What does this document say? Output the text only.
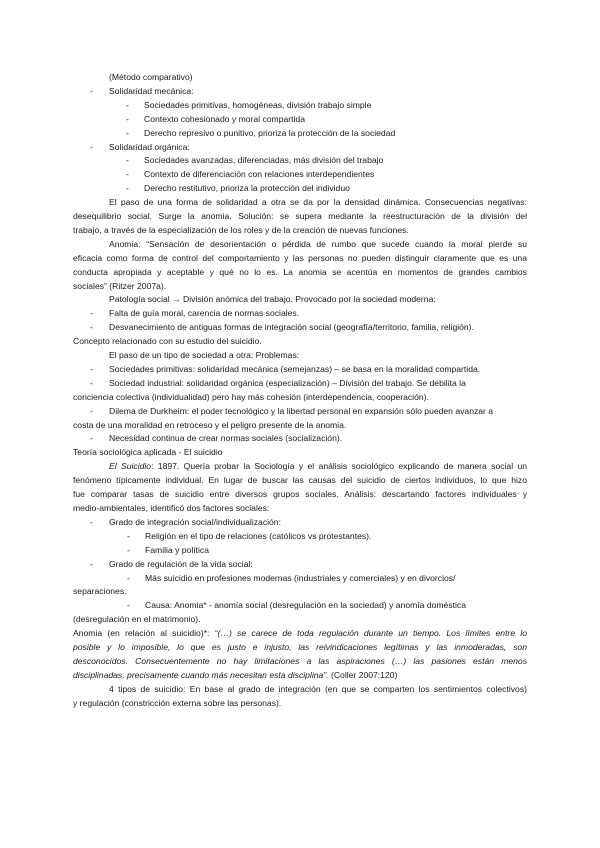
(Método comparativo)
- Solidaridad mecánica:
- Sociedades primitivas, homogéneas, división trabajo simple
- Contexto cohesionado y moral compartida
- Derecho represivo o punitivo, prioriza la protección de la sociedad
- Solidaridad orgánica:
- Sociedades avanzadas, diferenciadas, más división del trabajo
- Contexto de diferenciación con relaciones interdependientes
- Derecho restitutivo, prioriza la protección del individuo
El paso de una forma de solidaridad a otra se da por la densidad dinámica. Consecuencias negativas:
desequilibrio social. Surge la anomia. Solución: se supera mediante la reestructuración de la división del
trabajo, a través de la especialización de los roles y de la creación de nuevas funciones.
Anomia: “Sensación de desorientación o pérdida de rumbo que sucede cuando la moral pierde su
eficacia como forma de control del comportamiento y las personas no pueden distinguir claramente que es una
conducta apropiada y aceptable y qué no lo es. La anomia se acentúa en momentos de grandes cambios
sociales” (Ritzer 2007a).
Patología social → División anómica del trabajo. Provocado por la sociedad moderna:
- Falta de guía moral, carencia de normas sociales.
- Desvanecimiento de antiguas formas de integración social (geografía/territorio, familia, religión).
Concepto relacionado con su estudio del suicidio.
El paso de un tipo de sociedad a otra: Problemas:
- Sociedades primitivas: solidaridad mecánica (semejanzas) – se basa en la moralidad compartida.
- Sociedad industrial: solidaridad orgánica (especialización) – División del trabajo. Se debilita la
conciencia colectiva (individualidad) pero hay más cohesión (interdependencia, cooperación).
- Dilema de Durkheim: el poder tecnológico y la libertad personal en expansión sólo pueden avanzar a
costa de una moralidad en retroceso y el peligro presente de la anomia.
- Necesidad continua de crear normas sociales (socialización).
Teoría sociológica aplicada - El suicidio
El Suicidio: 1897. Quería probar la Sociología y el análisis sociológico explicando de manera social un
fenómeno típicamente individual. En lugar de buscar las causas del suicidio de ciertos individuos, lo que hizo
fue comparar tasas de suicidio entre diversos grupos sociales. Análisis: descartando factores individuales y
medio-ambientales, identificó dos factores sociales:
- Grado de integración social/individualización:
- Religión en el tipo de relaciones (católicos vs protestantes).
- Familia y política
- Grado de regulación de la vida social:
- Más suicidio en profesiones modernas (industriales y comerciales) y en divorcios/
separaciones.
- Causa: Anomia* - anomía social (desregulación en la sociedad) y anomía doméstica
(desregulación en el matrimonio).
Anomia (en relación al suicidio)*: “(…) se carece de toda regulación durante un tiempo. Los límites entre lo
posible y lo imposible, lo que es justo e injusto, las reivindicaciones legítimas y las inmoderadas, son
desconocidos. Consecuentemente no hay limitaciones a las aspiraciones (…) las pasiones están menos
disciplinadas, precisamente cuando más necesitan esta disciplina”. (Coller 2007:120)
4 tipos de suicidio: En base al grado de integración (en que se comparten los sentimientos colectivos)
y regulación (constricción externa sobre las personas).
